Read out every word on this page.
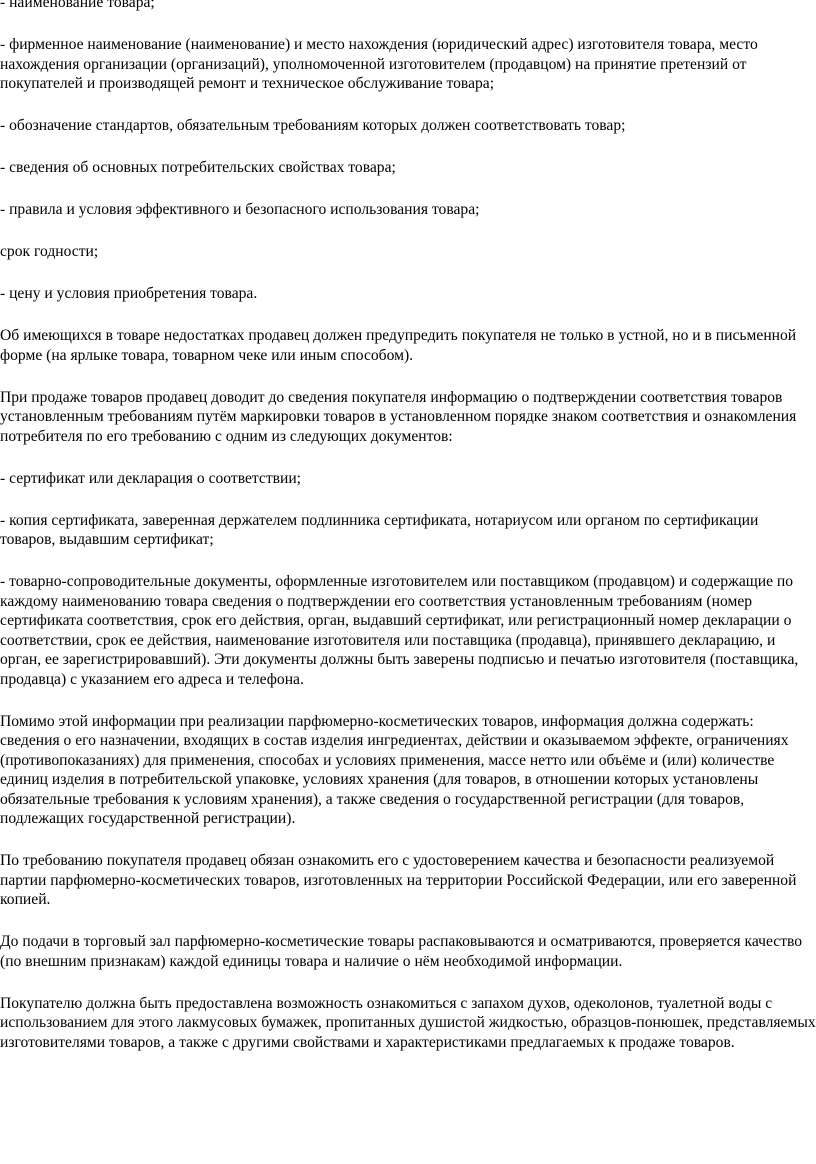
- наименование товара;

- фирменное наименование (наименование) и место нахождения (юридический адрес) изготовителя товара, место нахождения организации (организаций), уполномоченной изготовителем (продавцом) на принятие претензий от покупателей и производящей ремонт и техническое обслуживание товара;

- обозначение стандартов, обязательным требованиям которых должен соответствовать товар;

- сведения об основных потребительских свойствах товара;

- правила и условия эффективного и безопасного использования товара;

срок годности;

- цену и условия приобретения товара.

Об имеющихся в товаре недостатках продавец должен предупредить покупателя не только в устной, но и в письменной форме (на ярлыке товара, товарном чеке или иным способом).

При продаже товаров продавец доводит до сведения покупателя информацию о подтверждении соответствия товаров установленным требованиям путём маркировки товаров в установленном порядке знаком соответствия и ознакомления потребителя по его требованию с одним из следующих документов:

- сертификат или декларация о соответствии;

- копия сертификата, заверенная держателем подлинника сертификата, нотариусом или органом по сертификации товаров, выдавшим сертификат;

- товарно-сопроводительные документы, оформленные изготовителем или поставщиком (продавцом) и содержащие по каждому наименованию товара сведения о подтверждении его соответствия установленным требованиям (номер сертификата соответствия, срок его действия, орган, выдавший сертификат, или регистрационный номер декларации о соответствии, срок ее действия, наименование изготовителя или поставщика (продавца), принявшего декларацию, и орган, ее зарегистрировавший). Эти документы должны быть заверены подписью и печатью изготовителя (поставщика, продавца) с указанием его адреса и телефона.

Помимо этой информации при реализации парфюмерно-косметических товаров, информация должна содержать: сведения о его назначении, входящих в состав изделия ингредиентах, действии и оказываемом эффекте, ограничениях (противопоказаниях) для применения, способах и условиях применения, массе нетто или объёме и (или) количестве единиц изделия в потребительской упаковке, условиях хранения (для товаров, в отношении которых установлены обязательные требования к условиям хранения), а также сведения о государственной регистрации (для товаров, подлежащих государственной регистрации).

По требованию покупателя продавец обязан ознакомить его с удостоверением качества и безопасности реализуемой партии парфюмерно-косметических товаров, изготовленных на территории Российской Федерации, или его заверенной копией.

До подачи в торговый зал парфюмерно-косметические товары распаковываются и осматриваются, проверяется качество (по внешним признакам) каждой единицы товара и наличие о нём необходимой информации.

Покупателю должна быть предоставлена возможность ознакомиться с запахом духов, одеколонов, туалетной воды с использованием для этого лакмусовых бумажек, пропитанных душистой жидкостью, образцов-понюшек, представляемых изготовителями товаров, а также с другими свойствами и характеристиками предлагаемых к продаже товаров.
